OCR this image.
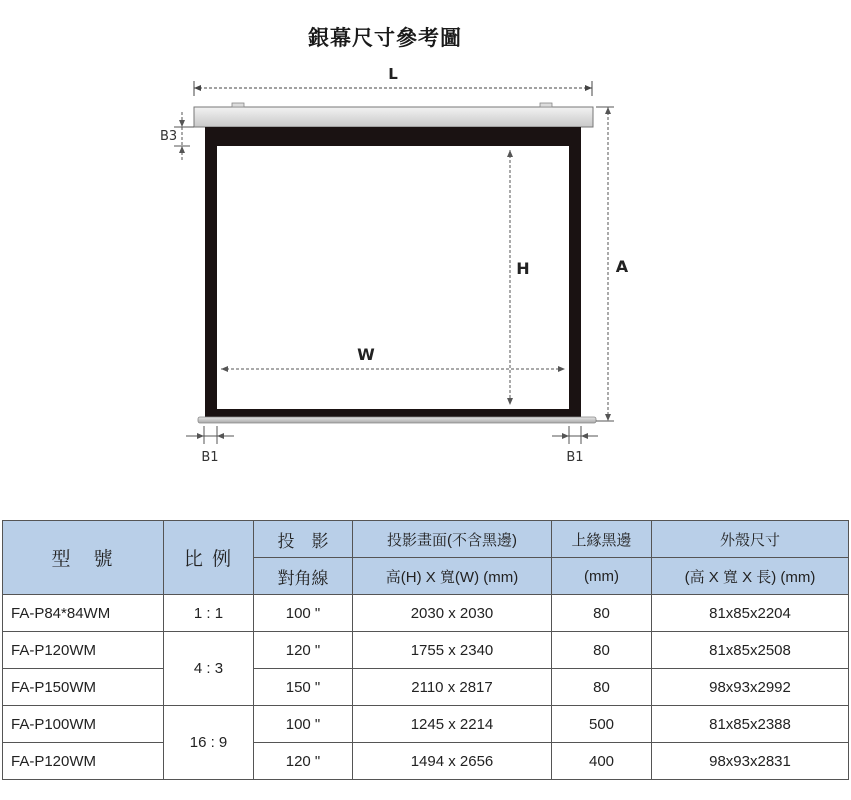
銀幕尺寸參考圖
L
B3
A
H
W
B1	B1
型　號	比 例	投　影	投影畫面(不含黑邊)	上緣黑邊	外殼尺寸
		對角線	高(H) X 寬(W) (mm)	(mm)	(高 X 寬 X 長) (mm)
FA-P84*84WM	1 : 1	100 "	2030 x 2030	80	81x85x2204
FA-P120WM	4 : 3	120 "	1755 x 2340	80	81x85x2508
FA-P150WM		150 "	2110 x 2817	80	98x93x2992
FA-P100WM	16 : 9	100 "	1245 x 2214	500	81x85x2388
FA-P120WM		120 "	1494 x 2656	400	98x93x2831
